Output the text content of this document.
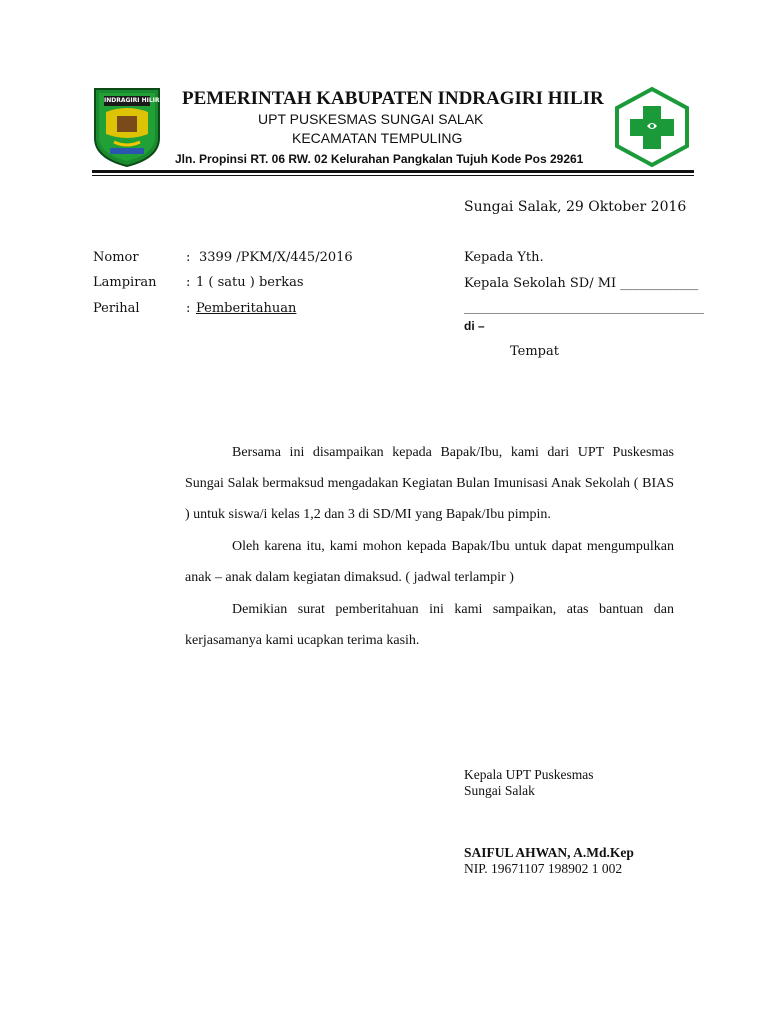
INDRAGIRI HILIR PEMERINTAH KABUPATEN INDRAGIRI HILIR
UPT PUSKESMAS SUNGAI SALAK
KECAMATAN TEMPULING
Jln. Propinsi RT. 06 RW. 02 Kelurahan Pangkalan Tujuh Kode Pos 29261
Sungai Salak, 29 Oktober 2016
Nomor	: 3399 /PKM/X/445/2016
Lampiran : 1 ( satu ) berkas
Perihal	: Pemberitahuan
Kepada Yth.
Kepala Sekolah SD/ MI ____________
________________________________________
di –
Tempat
Bersama ini disampaikan kepada Bapak/Ibu, kami dari UPT Puskesmas Sungai Salak bermaksud mengadakan Kegiatan Bulan Imunisasi Anak Sekolah ( BIAS ) untuk siswa/i kelas 1,2 dan 3 di SD/MI yang Bapak/Ibu pimpin.
Oleh karena itu, kami mohon kepada Bapak/Ibu untuk dapat mengumpulkan anak – anak dalam kegiatan dimaksud. ( jadwal terlampir )
Demikian surat pemberitahuan ini kami sampaikan, atas bantuan dan kerjasamanya kami ucapkan terima kasih.
Kepala UPT Puskesmas
Sungai Salak
SAIFUL AHWAN, A.Md.Kep
NIP. 19671107 198902 1 002
